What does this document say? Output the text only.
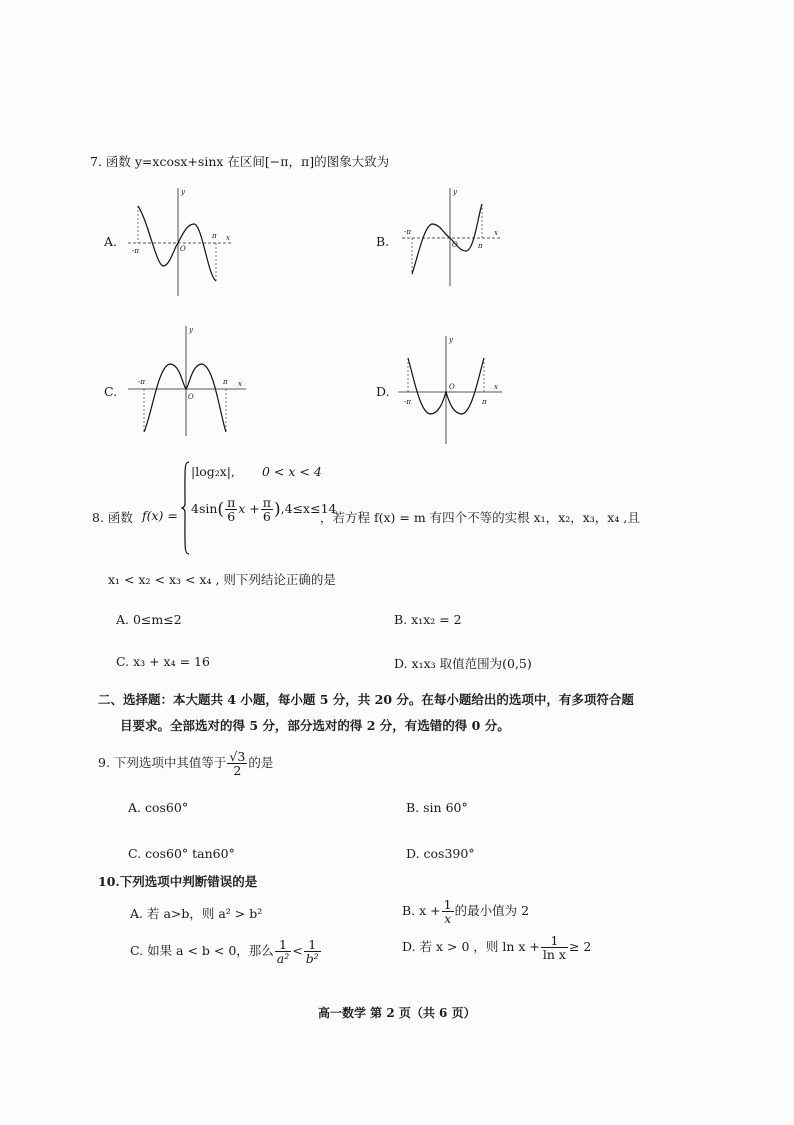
7. 函数 y=xcosx+sinx 在区间[−π，π]的图象大致为
A.
-π
π
O
x
y
B.
-π
π
O
x
y
C.
-π	π
O
x
y
D.
-π	π
O	x
y
8. 函数 f(x) =
|log₂x|, 0 < x < 4
$4\sin( \frac{\pi}{6}$ $x + \frac{\pi}{6} ),4\le x\le 14$
，若方程 f(x) = m 有四个不等的实根 x₁，x₂，x₃，x₄ ,且
x₁ < x₂ < x₃ < x₄ , 则下列结论正确的是
A. 0≤m≤2	B. x₁x₂ = 2
C. x₃ + x₄ = 16	D. x₁x₃ 取值范围为(0,5)
二、选择题：本大题共 4 小题，每小题 5 分，共 20 分。在每小题给出的选项中，有多项符合题
目要求。全部选对的得 5 分，部分选对的得 2 分，有选错的得 0 分。
9. 下列选项中其值等于 $\frac{√3}{2}$ 的是
A. cos60°	B. sin 60°
C. cos60° tan60°	D. cos390°
10.下列选项中判断错误的是
A. 若 a>b，则 a² > b²	B. $x + \frac{1}{x}$ 的最小值为 2
C. 如果 a < b < 0，那么 $\frac{1}{\text{a²}} < \frac{1}{\text{b²}}$	D. 若 x > 0 ，则 $\ln x + \frac{1}{\text{ln x}} \ge 2$
高一数学 第 2 页（共 6 页）
